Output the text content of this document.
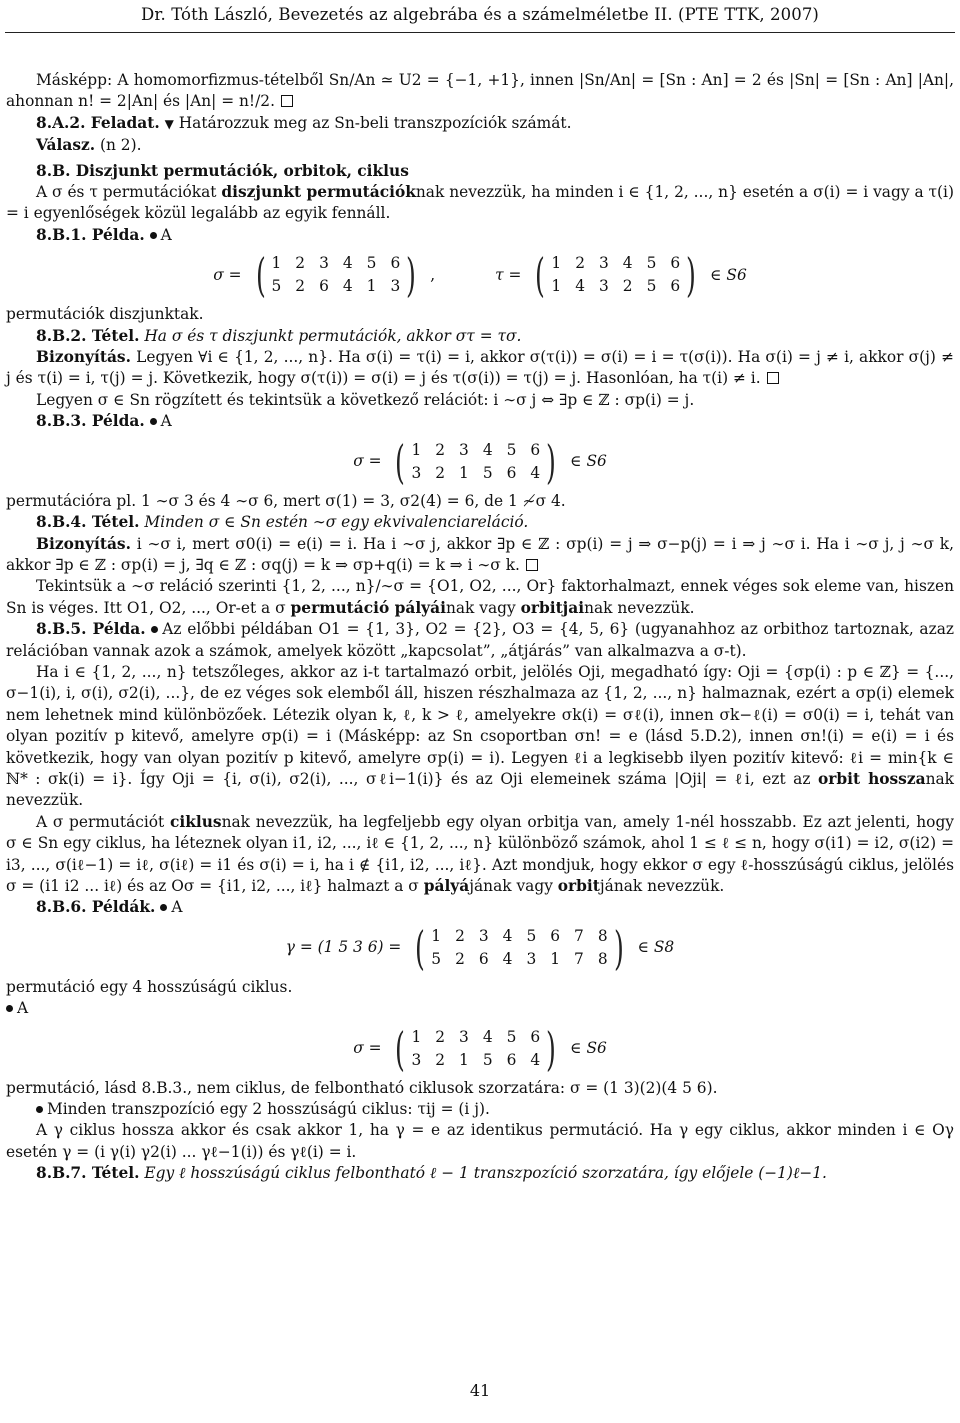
Dr. Tóth László, Bevezetés az algebrába és a számelméletbe II. (PTE TTK, 2007)

Másképp: A homomorfizmus-tételből Sn/An ≃ U2 = {−1, +1}, innen |Sn/An| = [Sn : An] = 2 és |Sn| = [Sn : An] |An|, ahonnan n! = 2|An| és |An| = n!/2.

8.A.2. Feladat. ▼ Határozzuk meg az Sn-beli transzpozíciók számát.

Válasz. (n 2).

8.B. Diszjunkt permutációk, orbitok, ciklus

A σ és τ permutációkat diszjunkt permutációknak nevezzük, ha minden i ∈ {1, 2, ..., n} esetén a σ(i) = i vagy a τ(i) = i egyenlőségek közül legalább az egyik fennáll.

8.B.1. Példa. A

σ = ( 1 2 3 4 5 6
5 2 6 4 1 3 ) ,	τ = ( 1 2 3 4 5 6
1 4 3 2 5 6 ) ∈ S6

permutációk diszjunktak.

8.B.2. Tétel. Ha σ és τ diszjunkt permutációk, akkor στ = τσ.

Bizonyítás. Legyen ∀i ∈ {1, 2, ..., n}. Ha σ(i) = τ(i) = i, akkor σ(τ(i)) = σ(i) = i = τ(σ(i)). Ha σ(i) = j ≠ i, akkor σ(j) ≠ j és τ(i) = i, τ(j) = j. Következik, hogy σ(τ(i)) = σ(i) = j és τ(σ(i)) = τ(j) = j. Hasonlóan, ha τ(i) ≠ i.

Legyen σ ∈ Sn rögzített és tekintsük a következő relációt: i ∼σ j ⇔ ∃p ∈ ℤ : σp(i) = j.

8.B.3. Példa. A

σ = ( 1 2 3 4 5 6
3 2 1 5 6 4 ) ∈ S6

permutációra pl. 1 ∼σ 3 és 4 ∼σ 6, mert σ(1) = 3, σ2(4) = 6, de 1 ≁σ 4.

8.B.4. Tétel. Minden σ ∈ Sn estén ∼σ egy ekvivalenciareláció.

Bizonyítás. i ∼σ i, mert σ0(i) = e(i) = i. Ha i ∼σ j, akkor ∃p ∈ ℤ : σp(i) = j ⇒ σ−p(j) = i ⇒ j ∼σ i. Ha i ∼σ j, j ∼σ k, akkor ∃p ∈ ℤ : σp(i) = j, ∃q ∈ ℤ : σq(j) = k ⇒ σp+q(i) = k ⇒ i ∼σ k.

Tekintsük a ∼σ reláció szerinti {1, 2, ..., n}/∼σ = {O1, O2, ..., Or} faktorhalmazt, ennek véges sok eleme van, hiszen Sn is véges. Itt O1, O2, ..., Or-et a σ permutáció pályáinak vagy orbitjainak nevezzük.

8.B.5. Példa. Az előbbi példában O1 = {1, 3}, O2 = {2}, O3 = {4, 5, 6} (ugyanahhoz az orbithoz tartoznak, azaz relációban vannak azok a számok, amelyek között „kapcsolat”, „átjárás” van alkalmazva a σ-t).

Ha i ∈ {1, 2, ..., n} tetszőleges, akkor az i-t tartalmazó orbit, jelölés Oji, megadható így: Oji = {σp(i) : p ∈ ℤ} = {..., σ−1(i), i, σ(i), σ2(i), ...}, de ez véges sok elemből áll, hiszen részhalmaza az {1, 2, ..., n} halmaznak, ezért a σp(i) elemek nem lehetnek mind különbözőek. Létezik olyan k, ℓ, k > ℓ, amelyekre σk(i) = σℓ(i), innen σk−ℓ(i) = σ0(i) = i, tehát van olyan pozitív p kitevő, amelyre σp(i) = i (Másképp: az Sn csoportban σn! = e (lásd 5.D.2), innen σn!(i) = e(i) = i és következik, hogy van olyan pozitív p kitevő, amelyre σp(i) = i). Legyen ℓi a legkisebb ilyen pozitív kitevő: ℓi = min{k ∈ ℕ* : σk(i) = i}. Így Oji = {i, σ(i), σ2(i), ..., σℓi−1(i)} és az Oji elemeinek száma |Oji| = ℓi, ezt az orbit hosszanak nevezzük.

A σ permutációt ciklusnak nevezzük, ha legfeljebb egy olyan orbitja van, amely 1-nél hosszabb. Ez azt jelenti, hogy σ ∈ Sn egy ciklus, ha léteznek olyan i1, i2, ..., iℓ ∈ {1, 2, ..., n} különböző számok, ahol 1 ≤ ℓ ≤ n, hogy σ(i1) = i2, σ(i2) = i3, ..., σ(iℓ−1) = iℓ, σ(iℓ) = i1 és σ(i) = i, ha i ∉ {i1, i2, ..., iℓ}. Azt mondjuk, hogy ekkor σ egy ℓ-hosszúságú ciklus, jelölés σ = (i1 i2 ... iℓ) és az Oσ = {i1, i2, ..., iℓ} halmazt a σ pályájának vagy orbitjának nevezzük.

8.B.6. Példák. A

γ = (1 5 3 6) = ( 1 2 3 4 5 6 7 8
5 2 6 4 3 1 7 8 ) ∈ S8

permutáció egy 4 hosszúságú ciklus.

A

σ = ( 1 2 3 4 5 6
3 2 1 5 6 4 ) ∈ S6

permutáció, lásd 8.B.3., nem ciklus, de felbontható ciklusok szorzatára: σ = (1 3)(2)(4 5 6).

Minden transzpozíció egy 2 hosszúságú ciklus: τij = (i j).

A γ ciklus hossza akkor és csak akkor 1, ha γ = e az identikus permutáció. Ha γ egy ciklus, akkor minden i ∈ Oγ esetén γ = (i γ(i) γ2(i) ... γℓ−1(i)) és γℓ(i) = i.

8.B.7. Tétel. Egy ℓ hosszúságú ciklus felbontható ℓ − 1 transzpozíció szorzatára, így előjele (−1)ℓ−1.

41
